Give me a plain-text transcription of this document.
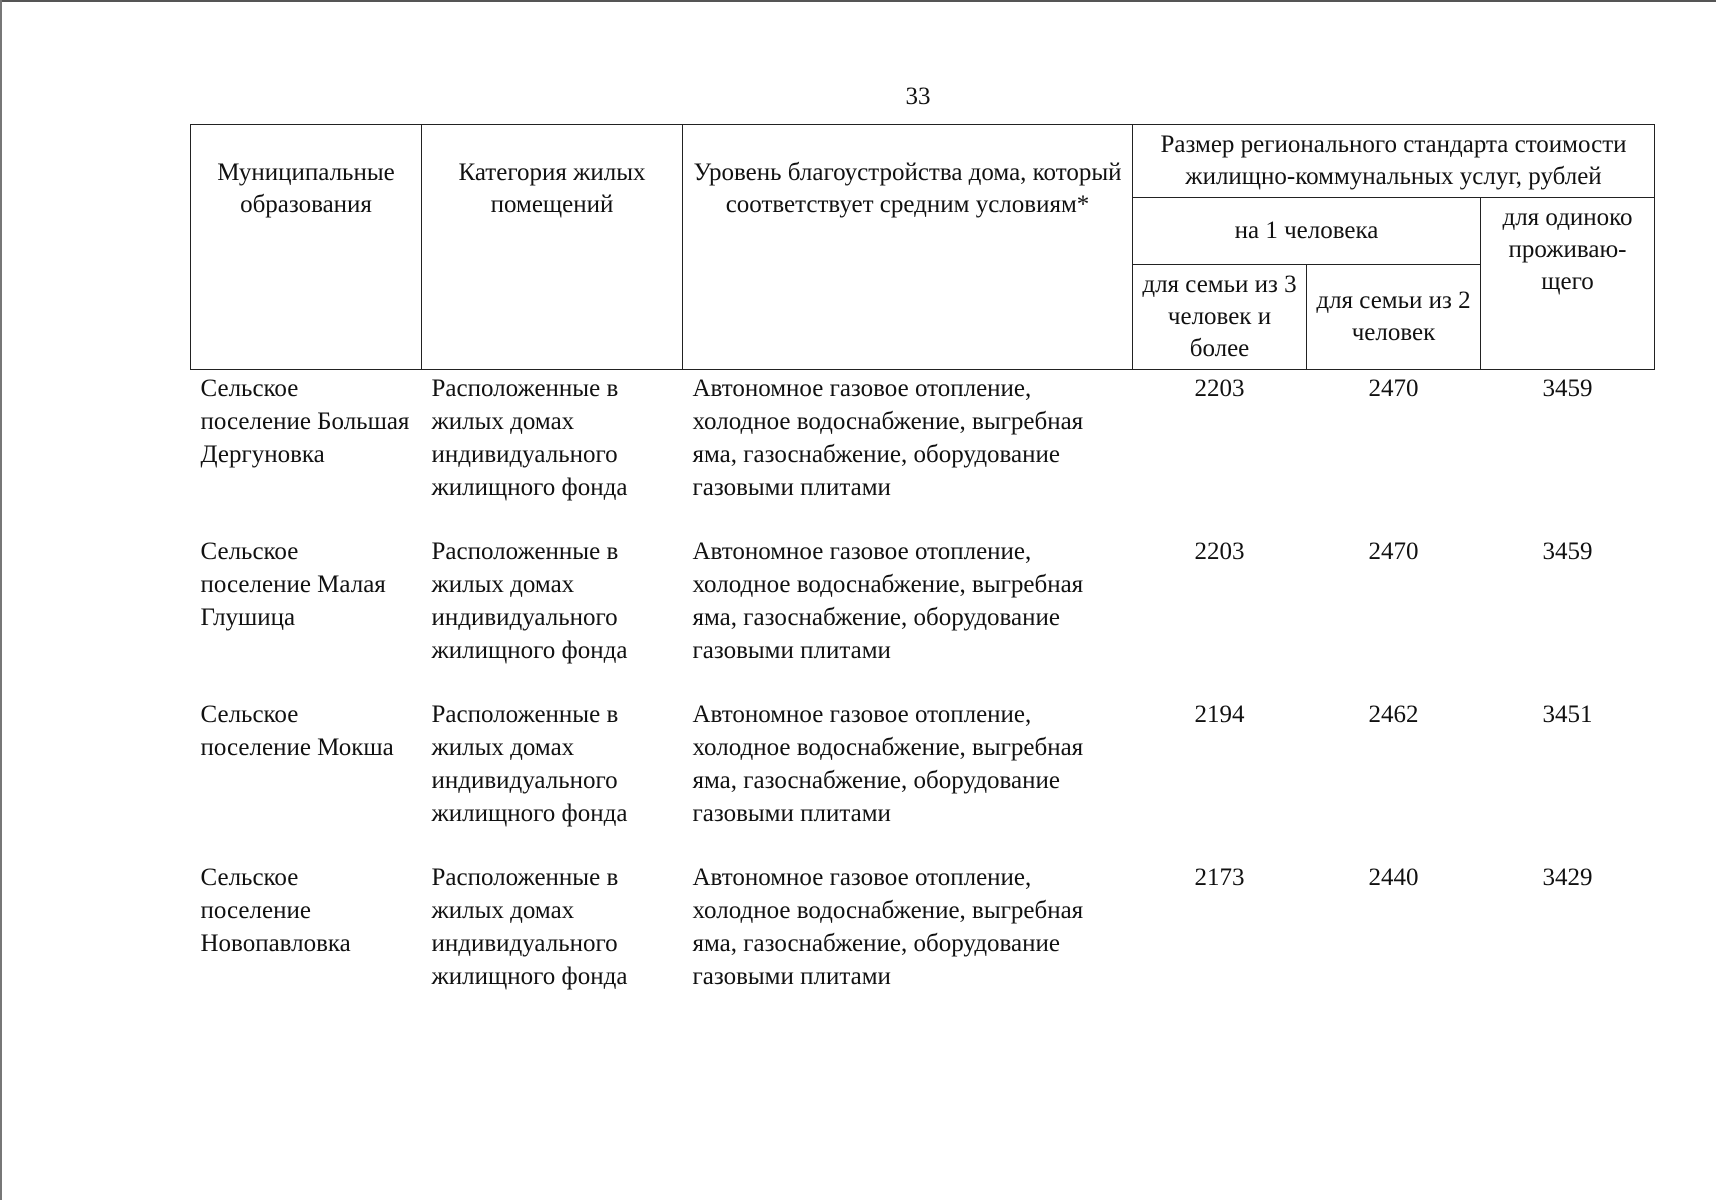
33
Муниципальные образования	Категория жилых помещений	Уровень благоустройства дома, который соответствует средним условиям*	Размер регионального стандарта стоимости жилищно-коммунальных услуг, рублей		
			на 1 человека		для одиноко проживаю- щего
			для семьи из 3 человек и более	для семьи из 2 человек	
Сельское поселение Большая Дергуновка	Расположенные в жилых домах индивидуального жилищного фонда	Автономное газовое отопление, холодное водоснабжение, выгребная яма, газоснабжение, оборудование газовыми плитами	2203	2470	3459
Сельское поселение Малая Глушица	Расположенные в жилых домах индивидуального жилищного фонда	Автономное газовое отопление, холодное водоснабжение, выгребная яма, газоснабжение, оборудование газовыми плитами	2203	2470	3459
Сельское поселение Мокша	Расположенные в жилых домах индивидуального жилищного фонда	Автономное газовое отопление, холодное водоснабжение, выгребная яма, газоснабжение, оборудование газовыми плитами	2194	2462	3451
Сельское поселение Новопавловка	Расположенные в жилых домах индивидуального жилищного фонда	Автономное газовое отопление, холодное водоснабжение, выгребная яма, газоснабжение, оборудование газовыми плитами	2173	2440	3429
